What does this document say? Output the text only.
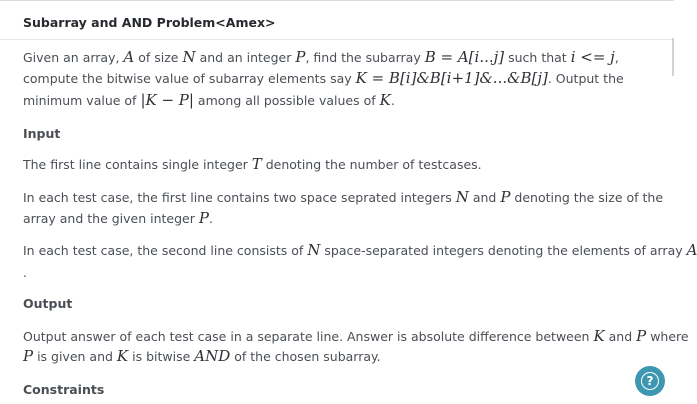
Subarray and AND Problem<Amex>
Given an array, A of size N and an integer P, find the subarray B = A[i...j] such that i <= j,
compute the bitwise value of subarray elements say K = B[i]&B[i+1]&...&B[j]. Output the
minimum value of |K − P| among all possible values of K.
Input
The first line contains single integer T denoting the number of testcases.
In each test case, the first line contains two space seprated integers N and P denoting the size of the
array and the given integer P.
In each test case, the second line consists of N space-separated integers denoting the elements of array A
.
Output
Output answer of each test case in a separate line. Answer is absolute difference between K and P where
P is given and K is bitwise AND of the chosen subarray.
Constraints
?
